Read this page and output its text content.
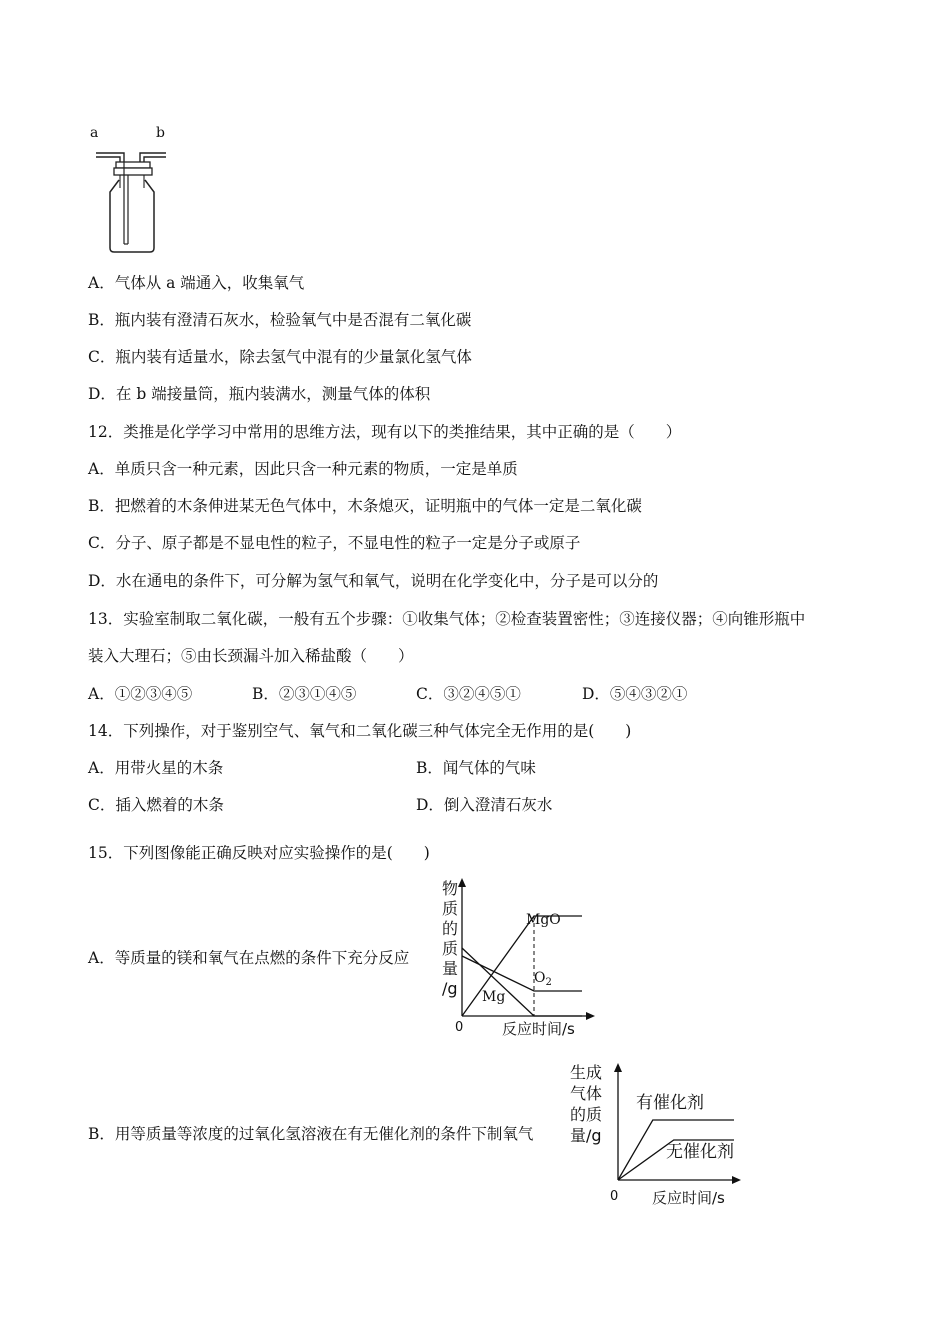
a	b
A．气体从 a 端通入，收集氧气
B．瓶内装有澄清石灰水，检验氧气中是否混有二氧化碳
C．瓶内装有适量水，除去氢气中混有的少量氯化氢气体
D．在 b 端接量筒，瓶内装满水，测量气体的体积
12．类推是化学学习中常用的思维方法，现有以下的类推结果，其中正确的是（　　）
A．单质只含一种元素，因此只含一种元素的物质，一定是单质
B．把燃着的木条伸进某无色气体中，木条熄灭，证明瓶中的气体一定是二氧化碳
C．分子、原子都是不显电性的粒子，不显电性的粒子一定是分子或原子
D．水在通电的条件下，可分解为氢气和氧气，说明在化学变化中，分子是可以分的
13．实验室制取二氧化碳，一般有五个步骤：①收集气体；②检查装置密性；③连接仪器；④向锥形瓶中
装入大理石；⑤由长颈漏斗加入稀盐酸（　　）
A．①②③④⑤	B．②③①④⑤	C．③②④⑤①	D．⑤④③②①
14．下列操作，对于鉴别空气、氧气和二氧化碳三种气体完全无作用的是(　　)
A．用带火星的木条	B．闻气体的气味
C．插入燃着的木条	D．倒入澄清石灰水
15．下列图像能正确反映对应实验操作的是(　　)
A．等质量的镁和氧气在点燃的条件下充分反应
B．用等质量等浓度的过氧化氢溶液在有无催化剂的条件下制氧气
物
质
的
质
量
/g
0	反应时间/s
MgO
$O_2$
Mg
生成
气体
的质
量/g
0 反应时间/s
有催化剂
无催化剂
